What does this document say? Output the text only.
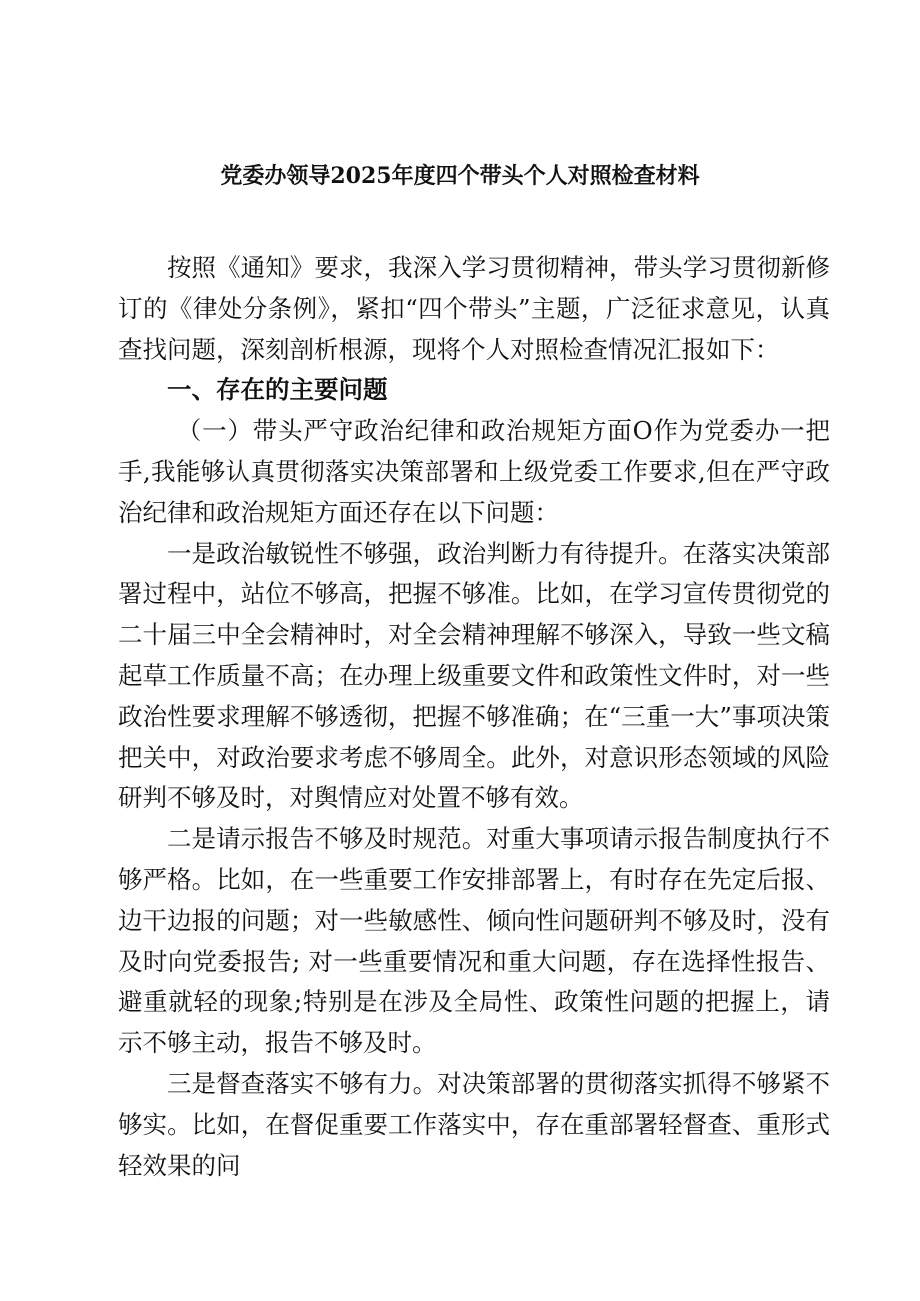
党委办领导2025年度四个带头个人对照检查材料

按照《通知》要求，我深入学习贯彻精神，带头学习贯彻新修订的《律处分条例》，紧扣“四个带头”主题，广泛征求意见，认真查找问题，深刻剖析根源，现将个人对照检查情况汇报如下：

一、存在的主要问题

（一）带头严守政治纪律和政治规矩方面O作为党委办一把手,我能够认真贯彻落实决策部署和上级党委工作要求,但在严守政治纪律和政治规矩方面还存在以下问题：

一是政治敏锐性不够强，政治判断力有待提升。在落实决策部署过程中，站位不够高，把握不够准。比如，在学习宣传贯彻党的二十届三中全会精神时，对全会精神理解不够深入，导致一些文稿起草工作质量不高；在办理上级重要文件和政策性文件时，对一些政治性要求理解不够透彻，把握不够准确；在“三重一大”事项决策把关中，对政治要求考虑不够周全。此外，对意识形态领域的风险研判不够及时，对舆情应对处置不够有效。

二是请示报告不够及时规范。对重大事项请示报告制度执行不够严格。比如，在一些重要工作安排部署上，有时存在先定后报、边干边报的问题；对一些敏感性、倾向性问题研判不够及时，没有及时向党委报告; 对一些重要情况和重大问题，存在选择性报告、避重就轻的现象;特别是在涉及全局性、政策性问题的把握上，请示不够主动，报告不够及时。

三是督查落实不够有力。对决策部署的贯彻落实抓得不够紧不够实。比如，在督促重要工作落实中，存在重部署轻督查、重形式轻效果的问
